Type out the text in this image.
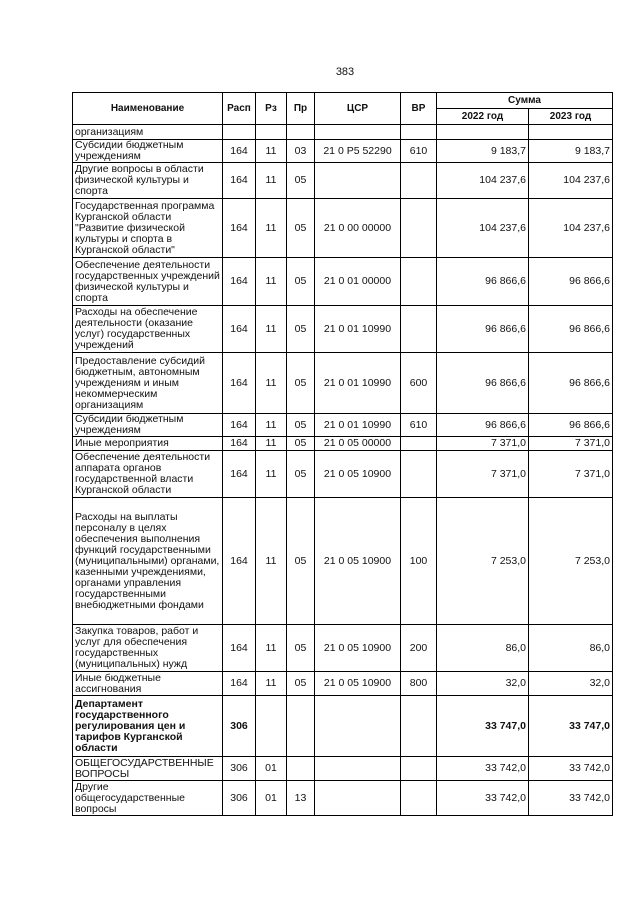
383
Наименование	Расп	Рз	Пр	ЦСР	ВР	Сумма	
						2022 год	2023 год
организациям							
Субсидии бюджетным учреждениям	164	11	03	21 0 P5 52290	610	9 183,7	9 183,7
Другие вопросы в области физической культуры и спорта	164	11	05			104 237,6	104 237,6
Государственная программа Курганской области "Развитие физической культуры и спорта в Курганской области"	164	11	05	21 0 00 00000		104 237,6	104 237,6
Обеспечение деятельности государственных учреждений физической культуры и спорта	164	11	05	21 0 01 00000		96 866,6	96 866,6
Расходы на обеспечение деятельности (оказание услуг) государственных учреждений	164	11	05	21 0 01 10990		96 866,6	96 866,6
Предоставление субсидий бюджетным, автономным учреждениям и иным некоммерческим организациям	164	11	05	21 0 01 10990	600	96 866,6	96 866,6
Субсидии бюджетным учреждениям	164	11	05	21 0 01 10990	610	96 866,6	96 866,6
Иные мероприятия	164	11	05	21 0 05 00000		7 371,0	7 371,0
Обеспечение деятельности аппарата органов государственной власти Курганской области	164	11	05	21 0 05 10900		7 371,0	7 371,0
Расходы на выплаты персоналу в целях обеспечения выполнения функций государственными (муниципальными) органами, казенными учреждениями, органами управления государственными внебюджетными фондами	164	11	05	21 0 05 10900	100	7 253,0	7 253,0
Закупка товаров, работ и услуг для обеспечения государственных (муниципальных) нужд	164	11	05	21 0 05 10900	200	86,0	86,0
Иные бюджетные ассигнования	164	11	05	21 0 05 10900	800	32,0	32,0
Департамент государственного регулирования цен и тарифов Курганской области	306					33 747,0	33 747,0
ОБЩЕГОСУДАРСТВЕННЫЕ ВОПРОСЫ	306	01				33 742,0	33 742,0
Другие общегосударственные вопросы	306	01	13			33 742,0	33 742,0
